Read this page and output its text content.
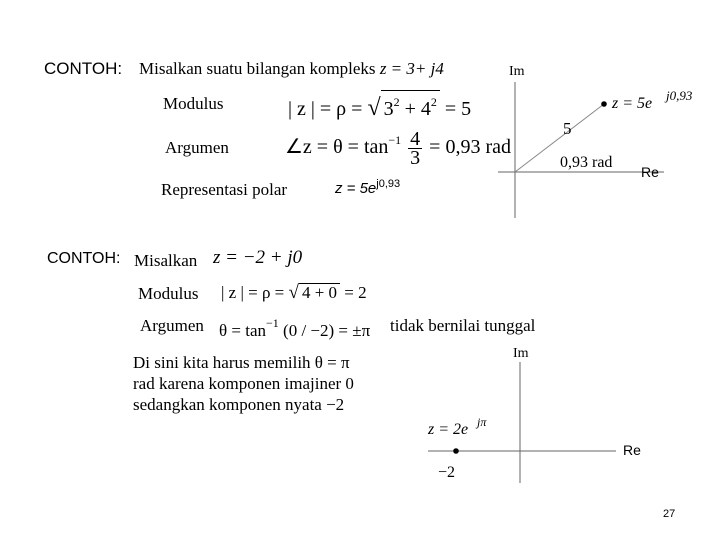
CONTOH: Misalkan suatu bilangan kompleks z = 3+ j4
Modulus	| z | = ρ = √ $3^2 + 4^2 = 5$
Argumen	∠z = $\theta = \tan^{-1} \frac{4}{3} = 0,93$ rad
Representasi polar	$z = 5e^{j0,93}$
Im
Re
z = 5e j0,93
5
0,93 rad
CONTOH: Misalkan z = −2 + j0
Modulus | z | = ρ = √ 4 + 0 = 2
Argumen $\theta = \tan^{-1} (0 / -2) = \pm\pi$ tidak bernilai tunggal
Di sini kita harus memilih θ = π
rad karena komponen imajiner 0
sedangkan komponen nyata −2
Im
Re
z = 2e jπ
−2
27
